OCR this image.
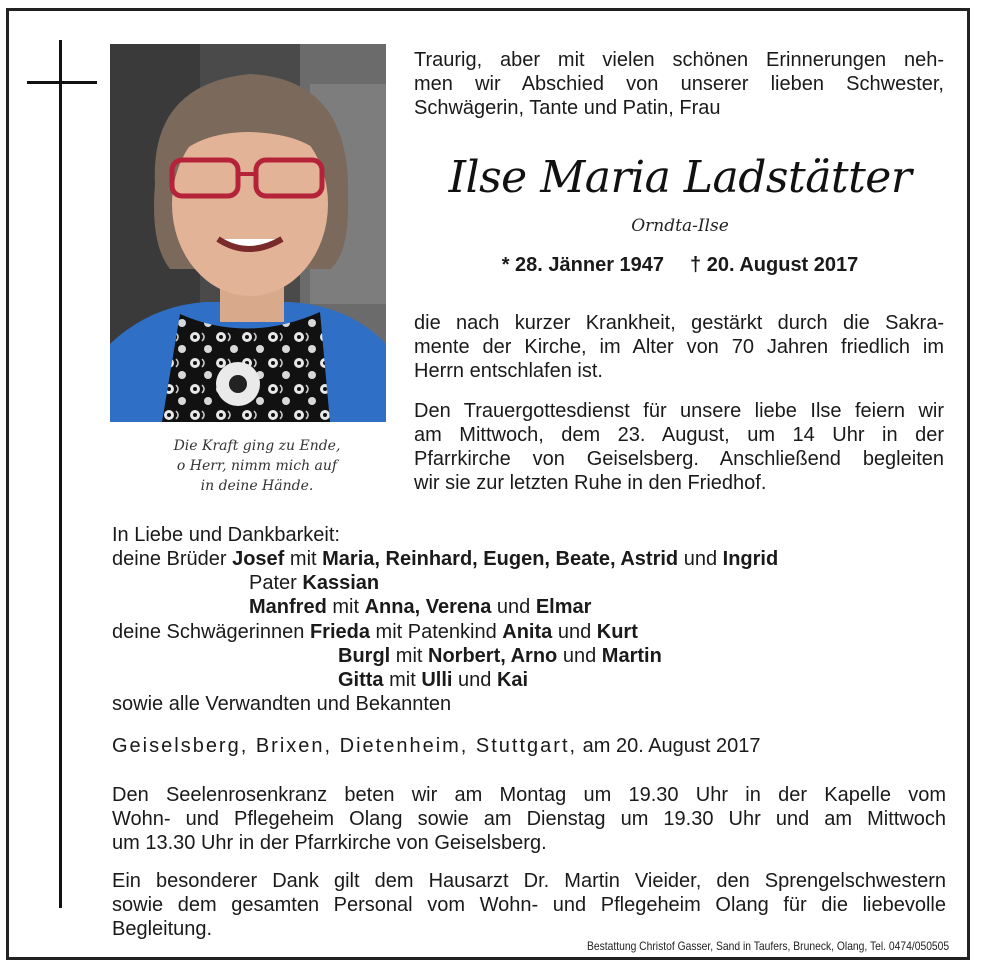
Die Kraft ging zu Ende,
o Herr, nimm mich auf
in deine Hände.
Traurig, aber mit vielen schönen Erinnerungen neh-
men wir Abschied von unserer lieben Schwester,
Schwägerin, Tante und Patin, Frau
Ilse Maria Ladstätter
Orndta-Ilse
* 28. Jänner 1947 † 20. August 2017
die nach kurzer Krankheit, gestärkt durch die Sakra-
mente der Kirche, im Alter von 70 Jahren friedlich im
Herrn entschlafen ist.
Den Trauergottesdienst für unsere liebe Ilse feiern wir
am Mittwoch, dem 23. August, um 14 Uhr in der
Pfarrkirche von Geiselsberg. Anschließend begleiten
wir sie zur letzten Ruhe in den Friedhof.
In Liebe und Dankbarkeit:
deine Brüder Josef mit Maria, Reinhard, Eugen, Beate, Astrid und Ingrid
Pater Kassian
Manfred mit Anna, Verena und Elmar
deine Schwägerinnen Frieda mit Patenkind Anita und Kurt
Burgl mit Norbert, Arno und Martin
Gitta mit Ulli und Kai
sowie alle Verwandten und Bekannten
Geiselsberg, Brixen, Dietenheim, Stuttgart, am 20. August 2017
Den Seelenrosenkranz beten wir am Montag um 19.30 Uhr in der Kapelle vom
Wohn- und Pflegeheim Olang sowie am Dienstag um 19.30 Uhr und am Mittwoch
um 13.30 Uhr in der Pfarrkirche von Geiselsberg.
Ein besonderer Dank gilt dem Hausarzt Dr. Martin Vieider, den Sprengelschwestern
sowie dem gesamten Personal vom Wohn- und Pflegeheim Olang für die liebevolle
Begleitung.
Bestattung Christof Gasser, Sand in Taufers, Bruneck, Olang, Tel. 0474/050505
